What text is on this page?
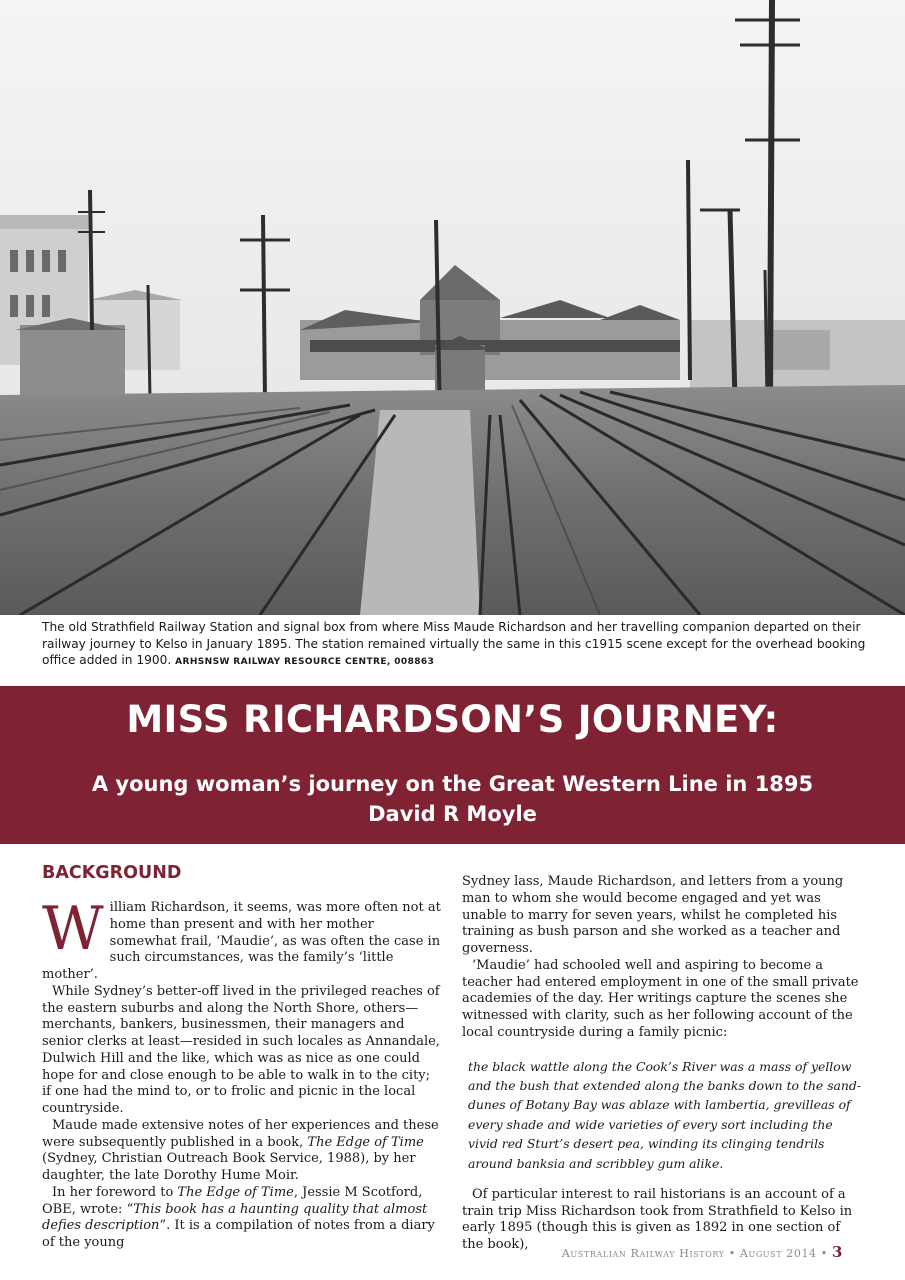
The old Strathfield Railway Station and signal box from where Miss Maude Richardson and her travelling companion departed on their railway journey to Kelso in January 1895. The station remained virtually the same in this c1915 scene except for the overhead booking office added in 1900. ARHSNSW RAILWAY RESOURCE CENTRE, 008863
MISS RICHARDSON’S JOURNEY:
A young woman’s journey on the Great Western Line in 1895
David R Moyle
BACKGROUND

William Richardson, it seems, was more often not at home than present and with her mother somewhat frail, ‘Maudie’, as was often the case in such circumstances, was the family’s ‘little mother’.

While Sydney’s better-off lived in the privileged reaches of the eastern suburbs and along the North Shore, others—merchants, bankers, businessmen, their managers and senior clerks at least—resided in such locales as Annandale, Dulwich Hill and the like, which was as nice as one could hope for and close enough to be able to walk in to the city; if one had the mind to, or to frolic and picnic in the local countryside.

Maude made extensive notes of her experiences and these were subsequently published in a book, The Edge of Time (Sydney, Christian Outreach Book Service, 1988), by her daughter, the late Dorothy Hume Moir.

In her foreword to The Edge of Time, Jessie M Scotford, OBE, wrote: “This book has a haunting quality that almost defies description”. It is a compilation of notes from a diary of the young

Sydney lass, Maude Richardson, and letters from a young man to whom she would become engaged and yet was unable to marry for seven years, whilst he completed his training as bush parson and she worked as a teacher and governess.

‘Maudie’ had schooled well and aspiring to become a teacher had entered employment in one of the small private academies of the day. Her writings capture the scenes she witnessed with clarity, such as her following account of the local countryside during a family picnic:

the black wattle along the Cook’s River was a mass of yellow and the bush that extended along the banks down to the sand-dunes of Botany Bay was ablaze with lambertia, grevilleas of every shade and wide varieties of every sort including the vivid red Sturt’s desert pea, winding its clinging tendrils around banksia and scribbley gum alike.

Of particular interest to rail historians is an account of a train trip Miss Richardson took from Strathfield to Kelso in early 1895 (though this is given as 1892 in one section of the book),

Australian Railway History • August 2014 • 3
